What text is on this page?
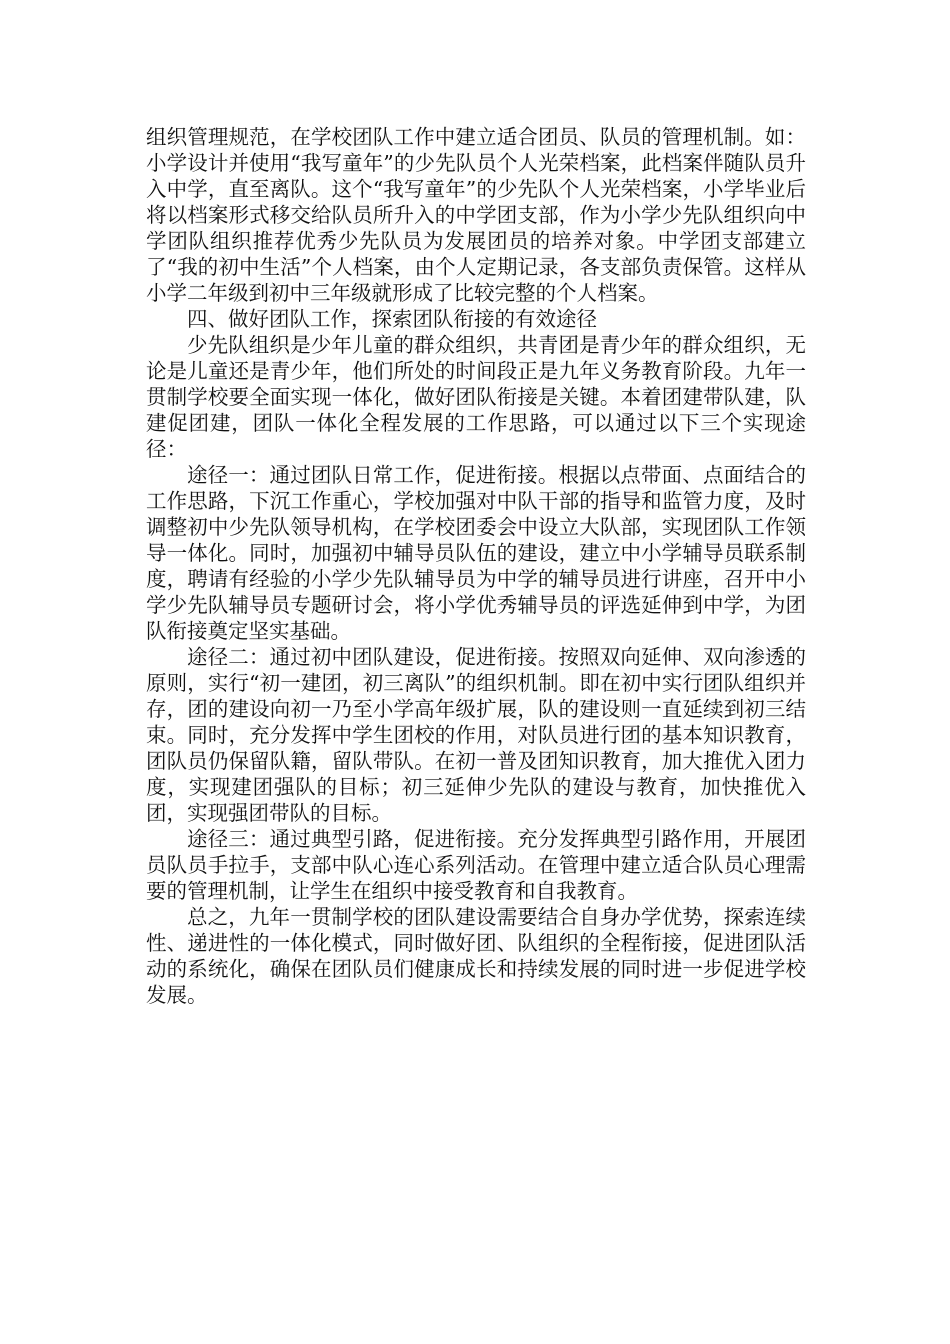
组织管理规范，在学校团队工作中建立适合团员、队员的管理机制。如：小学设计并使用“我写童年”的少先队员个人光荣档案，此档案伴随队员升入中学，直至离队。这个“我写童年”的少先队个人光荣档案，小学毕业后将以档案形式移交给队员所升入的中学团支部，作为小学少先队组织向中学团队组织推荐优秀少先队员为发展团员的培养对象。中学团支部建立了“我的初中生活”个人档案，由个人定期记录，各支部负责保管。这样从小学二年级到初中三年级就形成了比较完整的个人档案。

四、做好团队工作，探索团队衔接的有效途径

少先队组织是少年儿童的群众组织，共青团是青少年的群众组织，无论是儿童还是青少年，他们所处的时间段正是九年义务教育阶段。九年一贯制学校要全面实现一体化，做好团队衔接是关键。本着团建带队建，队建促团建，团队一体化全程发展的工作思路，可以通过以下三个实现途径：

途径一：通过团队日常工作，促进衔接。根据以点带面、点面结合的工作思路，下沉工作重心，学校加强对中队干部的指导和监管力度，及时调整初中少先队领导机构，在学校团委会中设立大队部，实现团队工作领导一体化。同时，加强初中辅导员队伍的建设，建立中小学辅导员联系制度，聘请有经验的小学少先队辅导员为中学的辅导员进行讲座，召开中小学少先队辅导员专题研讨会，将小学优秀辅导员的评选延伸到中学，为团队衔接奠定坚实基础。

途径二：通过初中团队建设，促进衔接。按照双向延伸、双向渗透的原则，实行“初一建团，初三离队”的组织机制。即在初中实行团队组织并存，团的建设向初一乃至小学高年级扩展，队的建设则一直延续到初三结束。同时，充分发挥中学生团校的作用，对队员进行团的基本知识教育，团队员仍保留队籍，留队带队。在初一普及团知识教育，加大推优入团力度，实现建团强队的目标；初三延伸少先队的建设与教育，加快推优入团，实现强团带队的目标。

途径三：通过典型引路，促进衔接。充分发挥典型引路作用，开展团员队员手拉手，支部中队心连心系列活动。在管理中建立适合队员心理需要的管理机制，让学生在组织中接受教育和自我教育。

总之，九年一贯制学校的团队建设需要结合自身办学优势，探索连续性、递进性的一体化模式，同时做好团、队组织的全程衔接，促进团队活动的系统化，确保在团队员们健康成长和持续发展的同时进一步促进学校发展。
